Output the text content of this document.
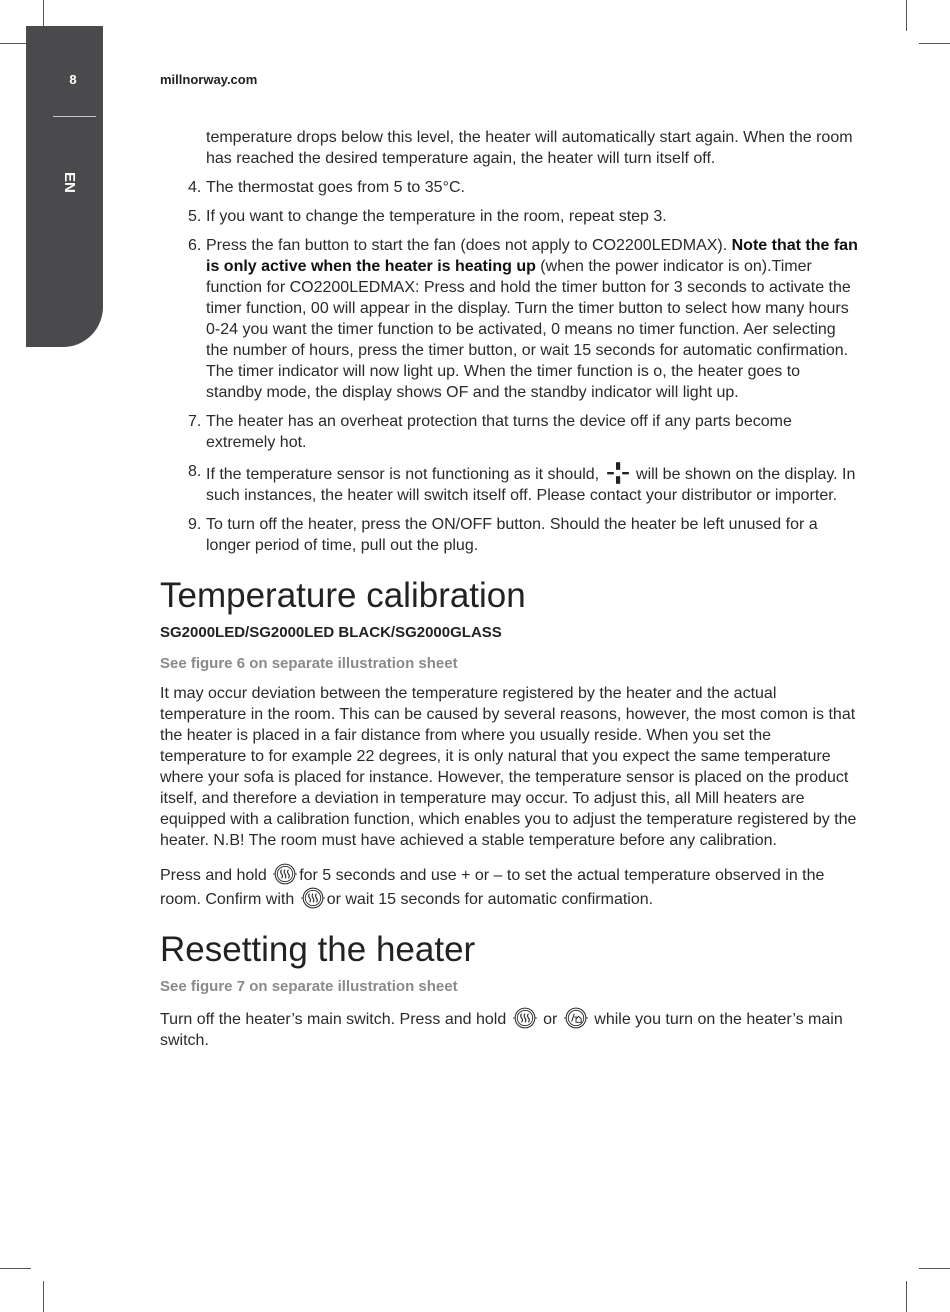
8
EN
millnorway.com
temperature drops below this level, the heater will automatically start again. When the room has reached the desired temperature again, the heater will turn itself off.
4. The thermostat goes from 5 to 35°C.
5. If you want to change the temperature in the room, repeat step 3.
6. Press the fan button to start the fan (does not apply to CO2200LEDMAX). Note that the fan is only active when the heater is heating up (when the power indicator is on).Timer function for CO2200LEDMAX: Press and hold the timer button for 3 seconds to activate the timer function, 00 will appear in the display. Turn the timer button to select how many hours 0-24 you want the timer function to be activated, 0 means no timer function. Aer selecting the number of hours, press the timer button, or wait 15 seconds for automatic confirmation. The timer indicator will now light up. When the timer function is o, the heater goes to standby mode, the display shows OF and the standby indicator will light up.
7. The heater has an overheat protection that turns the device off if any parts become extremely hot.
8. If the temperature sensor is not functioning as it should,  will be shown on the display. In such instances, the heater will switch itself off. Please contact your distributor or importer.
9. To turn off the heater, press the ON/OFF button. Should the heater be left unused for a longer period of time, pull out the plug.
Temperature calibration
SG2000LED/SG2000LED BLACK/SG2000GLASS
See figure 6 on separate illustration sheet

It may occur deviation between the temperature registered by the heater and the actual temperature in the room. This can be caused by several reasons, however, the most comon is that the heater is placed in a fair distance from where you usually reside. When you set the temperature to for example 22 degrees, it is only natural that you expect the same temperature where your sofa is placed for instance. However, the temperature sensor is placed on the product itself, and therefore a deviation in temperature may occur. To adjust this, all Mill heaters are equipped with a calibration function, which enables you to adjust the temperature registered by the heater. N.B! The room must have achieved a stable temperature before any calibration.

Press and hold for 5 seconds and use + or – to set the actual temperature observed in the room. Confirm with or wait 15 seconds for automatic confirmation.

Resetting the heater
See figure 7 on separate illustration sheet

Turn off the heater’s main switch. Press and hold  or  while you turn on the heater’s main switch.
